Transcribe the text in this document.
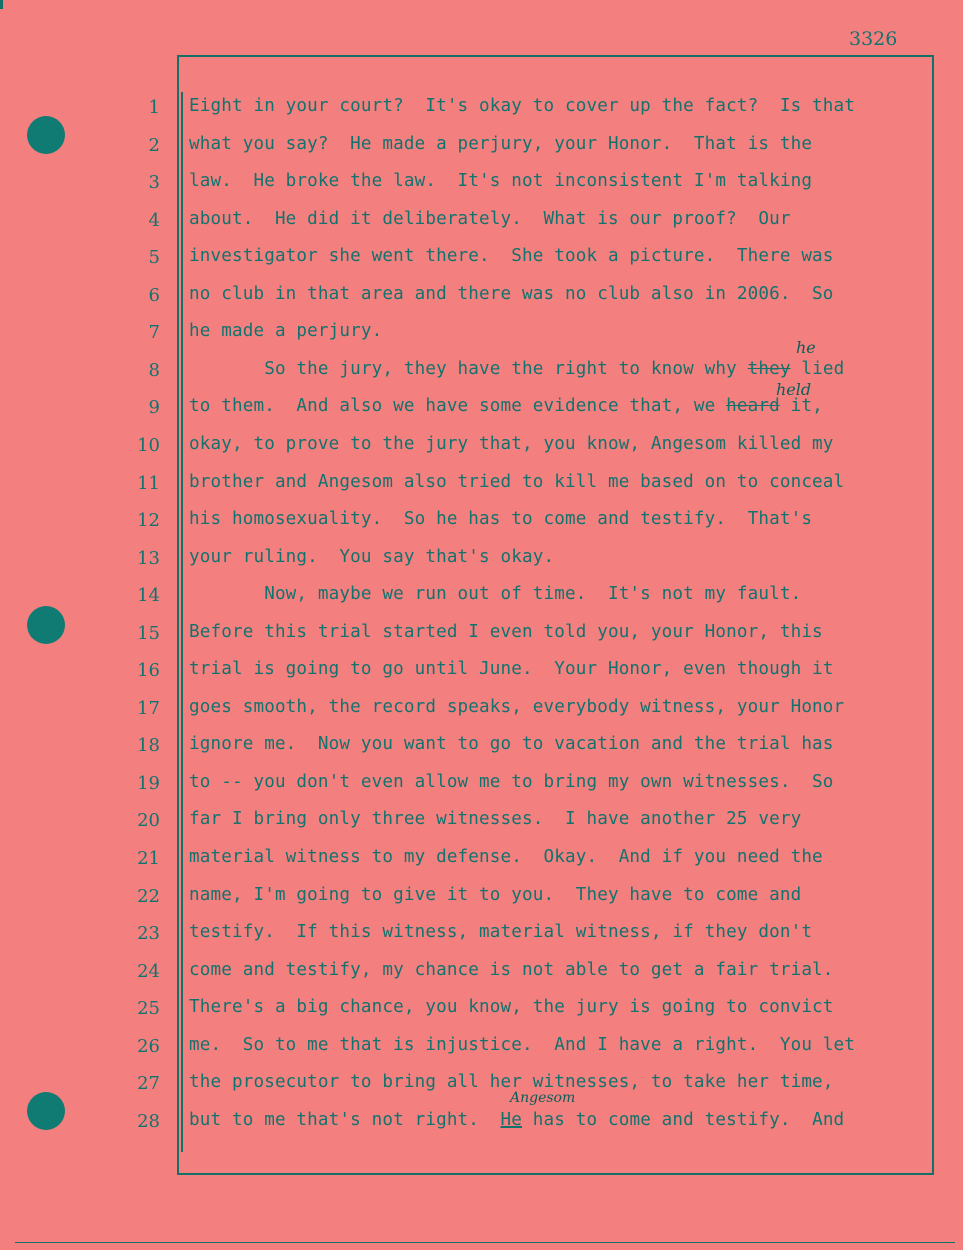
3326
1 Eight in your court?  It's okay to cover up the fact?  Is that
2 what you say?  He made a perjury, your Honor.  That is the
3 law.  He broke the law.  It's not inconsistent I'm talking
4 about.  He did it deliberately.  What is our proof?  Our
5 investigator she went there.  She took a picture.  There was
6 no club in that area and there was no club also in 2006.  So
7 he made a perjury.
8 So the jury, they have the right to know why they lied
9 to them.  And also we have some evidence that, we heard it,
10 okay, to prove to the jury that, you know, Angesom killed my
11 brother and Angesom also tried to kill me based on to conceal
12 his homosexuality.  So he has to come and testify.  That's
13 your ruling.  You say that's okay.
14 Now, maybe we run out of time.  It's not my fault.
15 Before this trial started I even told you, your Honor, this
16 trial is going to go until June.  Your Honor, even though it
17 goes smooth, the record speaks, everybody witness, your Honor
18 ignore me.  Now you want to go to vacation and the trial has
19 to -- you don't even allow me to bring my own witnesses.  So
20 far I bring only three witnesses.  I have another 25 very
21 material witness to my defense.  Okay.  And if you need the
22 name, I'm going to give it to you.  They have to come and
23 testify.  If this witness, material witness, if they don't
24 come and testify, my chance is not able to get a fair trial.
25 There's a big chance, you know, the jury is going to convict
26 me.  So to me that is injustice.  And I have a right.  You let
27 the prosecutor to bring all her witnesses, to take her time,
28 but to me that's not right.  He has to come and testify.  And
he
held
Angesom
